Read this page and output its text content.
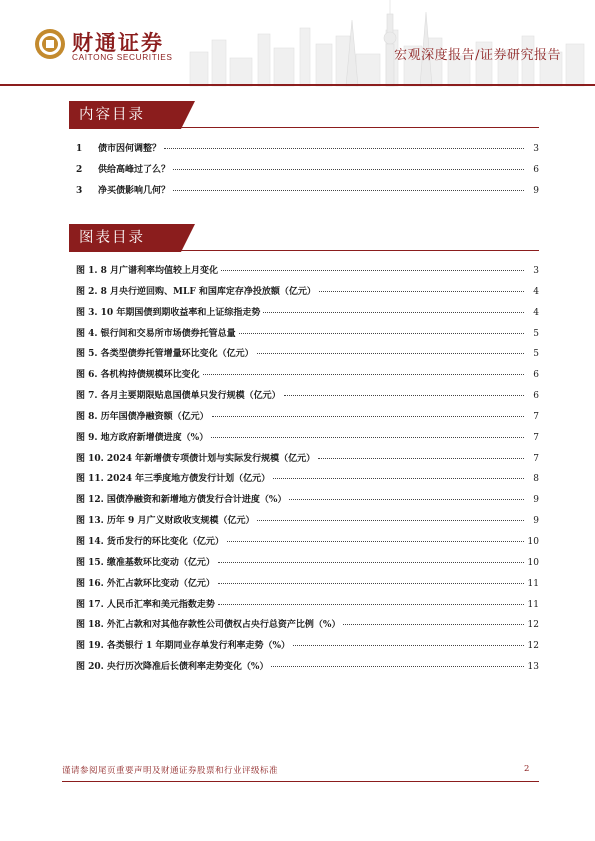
财通证券
CAITONG SECURITIES	宏观深度报告/证券研究报告
内容目录
1	债市因何调整？	3
2	供给高峰过了么？	6
3	净买债影响几何？	9
图表目录
图 1. 8 月广谱利率均值较上月变化	3
图 2. 8 月央行逆回购、MLF 和国库定存净投放额（亿元）	4
图 3. 10 年期国债到期收益率和上证综指走势	4
图 4. 银行间和交易所市场债券托管总量	5
图 5. 各类型债券托管增量环比变化（亿元）	5
图 6. 各机构持债规模环比变化	6
图 7. 各月主要期限贴息国债单只发行规模（亿元）	6
图 8. 历年国债净融资额（亿元）	7
图 9. 地方政府新增债进度（%）	7
图 10. 2024 年新增债专项债计划与实际发行规模（亿元）	7
图 11. 2024 年三季度地方债发行计划（亿元）	8
图 12. 国债净融资和新增地方债发行合计进度（%）	9
图 13. 历年 9 月广义财政收支规模（亿元）	9
图 14. 货币发行的环比变化（亿元）	10
图 15. 缴准基数环比变动（亿元）	10
图 16. 外汇占款环比变动（亿元）	11
图 17. 人民币汇率和美元指数走势	11
图 18. 外汇占款和对其他存款性公司债权占央行总资产比例（%）	12
图 19. 各类银行 1 年期同业存单发行利率走势（%）	12
图 20. 央行历次降准后长债利率走势变化（%）	13
谨请参阅尾页重要声明及财通证券股票和行业评级标准	2
